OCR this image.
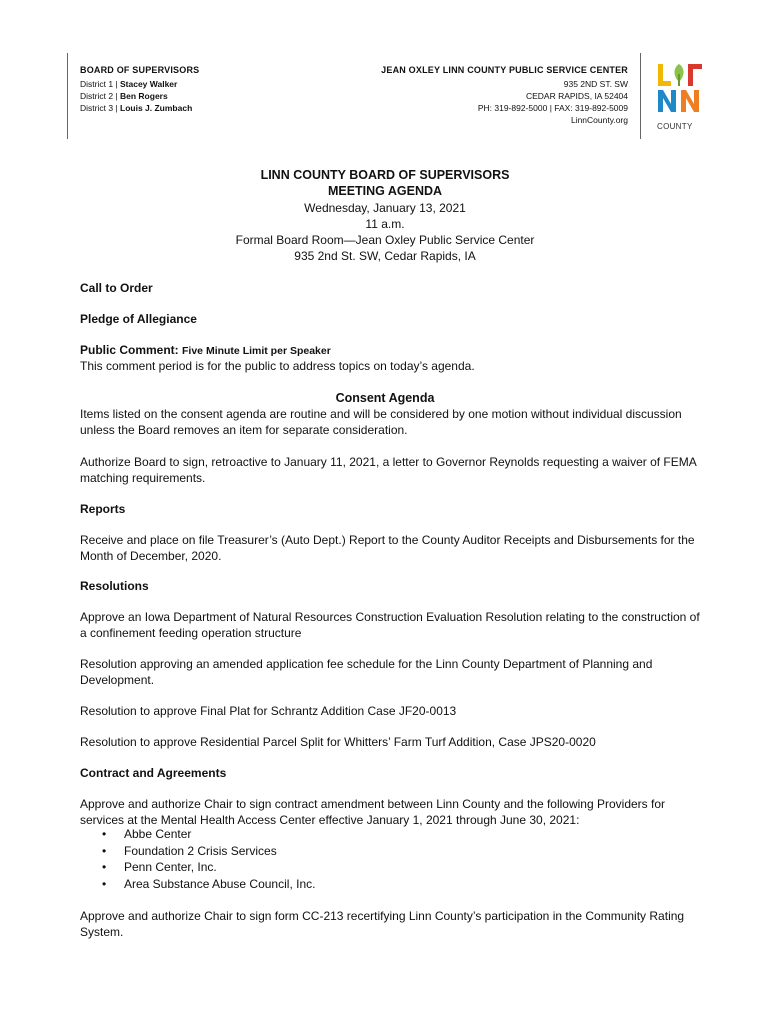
BOARD OF SUPERVISORS
District 1 | Stacey Walker
District 2 | Ben Rogers
District 3 | Louis J. Zumbach
JEAN OXLEY LINN COUNTY PUBLIC SERVICE CENTER
935 2ND ST. SW
CEDAR RAPIDS, IA 52404
PH: 319-892-5000 | FAX: 319-892-5009
LinnCounty.org
COUNTY
LINN COUNTY BOARD OF SUPERVISORS
MEETING AGENDA
Wednesday, January 13, 2021
11 a.m.
Formal Board Room—Jean Oxley Public Service Center
935 2nd St. SW, Cedar Rapids, IA
Call to Order
Pledge of Allegiance
Public Comment: Five Minute Limit per Speaker
This comment period is for the public to address topics on today’s agenda.
Consent Agenda
Items listed on the consent agenda are routine and will be considered by one motion without individual discussion unless the Board removes an item for separate consideration.
Authorize Board to sign, retroactive to January 11, 2021, a letter to Governor Reynolds requesting a waiver of FEMA matching requirements.
Reports
Receive and place on file Treasurer’s (Auto Dept.) Report to the County Auditor Receipts and Disbursements for the Month of December, 2020.
Resolutions
Approve an Iowa Department of Natural Resources Construction Evaluation Resolution relating to the construction of a confinement feeding operation structure
Resolution approving an amended application fee schedule for the Linn County Department of Planning and Development.
Resolution to approve Final Plat for Schrantz Addition Case JF20-0013
Resolution to approve Residential Parcel Split for Whitters’ Farm Turf Addition, Case JPS20-0020
Contract and Agreements
Approve and authorize Chair to sign contract amendment between Linn County and the following Providers for services at the Mental Health Access Center effective January 1, 2021 through June 30, 2021:
• Abbe Center
• Foundation 2 Crisis Services
• Penn Center, Inc.
• Area Substance Abuse Council, Inc.
Approve and authorize Chair to sign form CC-213 recertifying Linn County’s participation in the Community Rating System.
